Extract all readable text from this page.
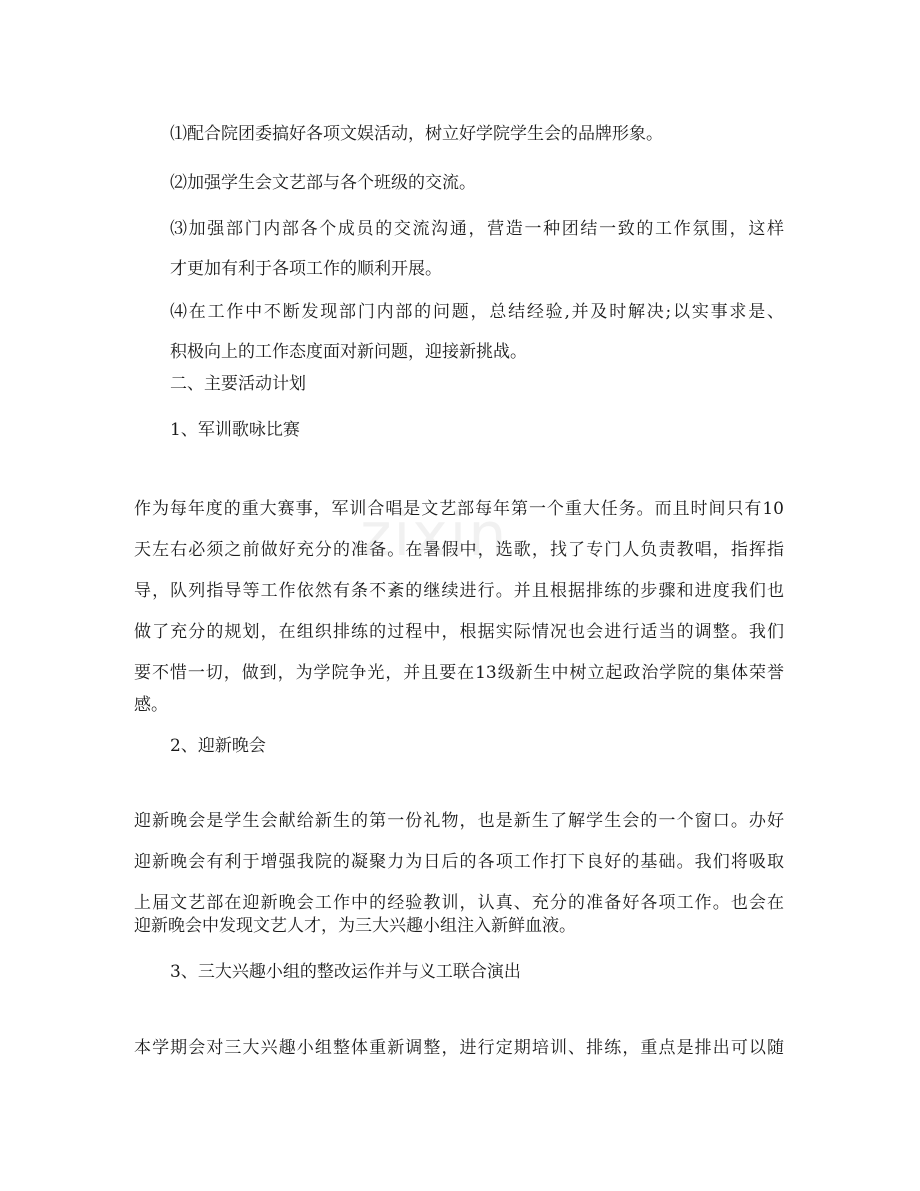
zixin
⑴配合院团委搞好各项文娱活动，树立好学院学生会的品牌形象。
⑵加强学生会文艺部与各个班级的交流。
⑶加强部门内部各个成员的交流沟通，营造一种团结一致的工作氛围，这样
才更加有利于各项工作的顺利开展。
⑷在工作中不断发现部门内部的问题，总结经验,并及时解决;以实事求是、
积极向上的工作态度面对新问题，迎接新挑战。
二、主要活动计划
1、军训歌咏比赛
作为每年度的重大赛事，军训合唱是文艺部每年第一个重大任务。而且时间只有10
天左右必须之前做好充分的准备。在暑假中，选歌，找了专门人负责教唱，指挥指
导，队列指导等工作依然有条不紊的继续进行。并且根据排练的步骤和进度我们也
做了充分的规划，在组织排练的过程中，根据实际情况也会进行适当的调整。我们
要不惜一切，做到，为学院争光，并且要在13级新生中树立起政治学院的集体荣誉
感。
2、迎新晚会
迎新晚会是学生会献给新生的第一份礼物，也是新生了解学生会的一个窗口。办好
迎新晚会有利于增强我院的凝聚力为日后的各项工作打下良好的基础。我们将吸取
上届文艺部在迎新晚会工作中的经验教训，认真、充分的准备好各项工作。也会在
迎新晚会中发现文艺人才，为三大兴趣小组注入新鲜血液。
3、三大兴趣小组的整改运作并与义工联合演出
本学期会对三大兴趣小组整体重新调整，进行定期培训、排练，重点是排出可以随
